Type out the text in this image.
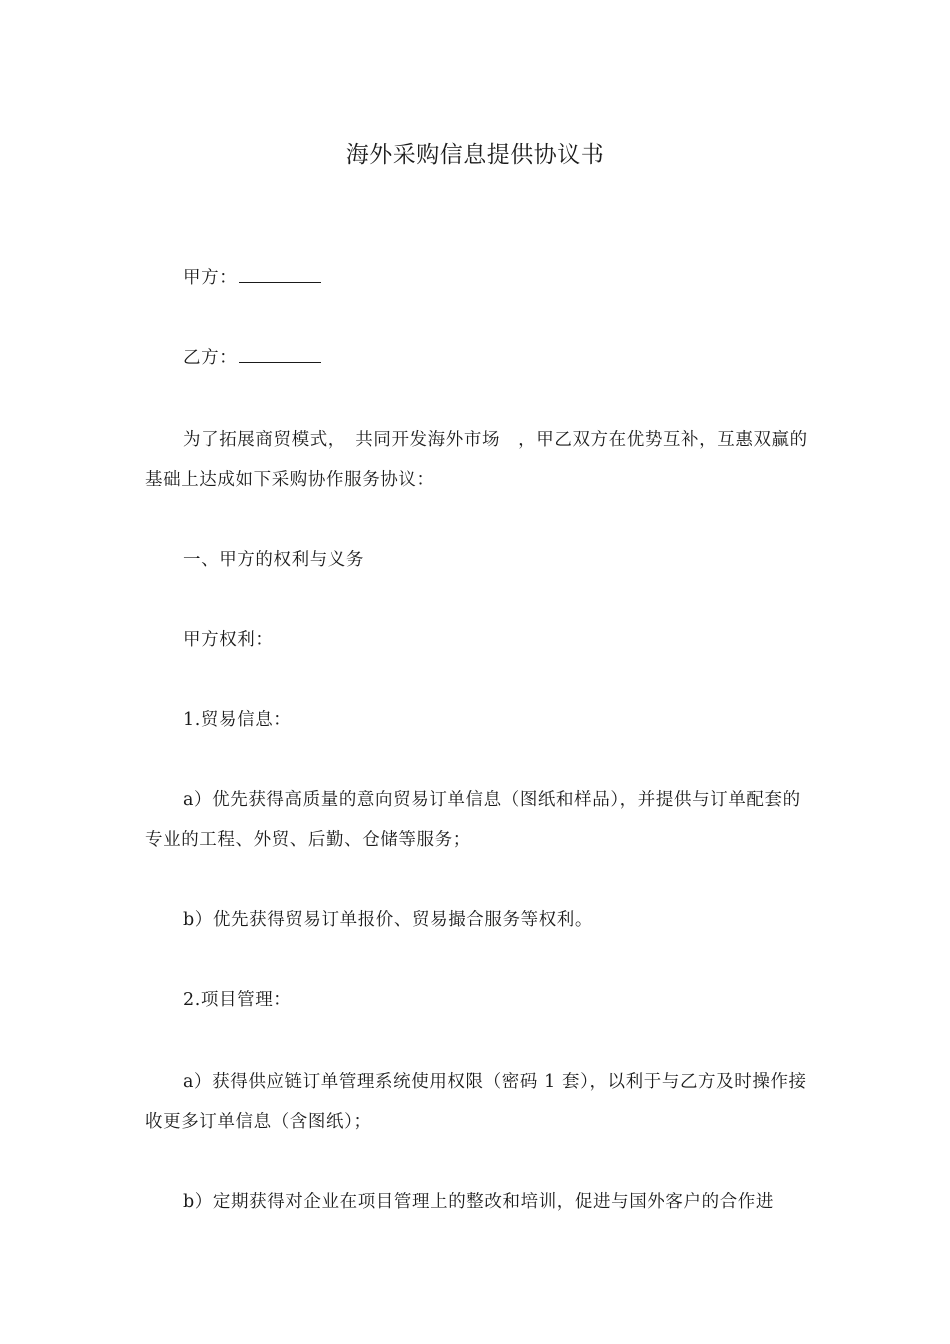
海外采购信息提供协议书
甲方：
乙方：
为了拓展商贸模式，　共同开发海外市场　，甲乙双方在优势互补，互惠双赢的基础上达成如下采购协作服务协议：
一、甲方的权利与义务
甲方权利：
1.贸易信息：
a）优先获得高质量的意向贸易订单信息（图纸和样品），并提供与订单配套的专业的工程、外贸、后勤、仓储等服务；
b）优先获得贸易订单报价、贸易撮合服务等权利。
2.项目管理：
a）获得供应链订单管理系统使用权限（密码 1 套），以利于与乙方及时操作接收更多订单信息（含图纸）；
b）定期获得对企业在项目管理上的整改和培训，促进与国外客户的合作进
